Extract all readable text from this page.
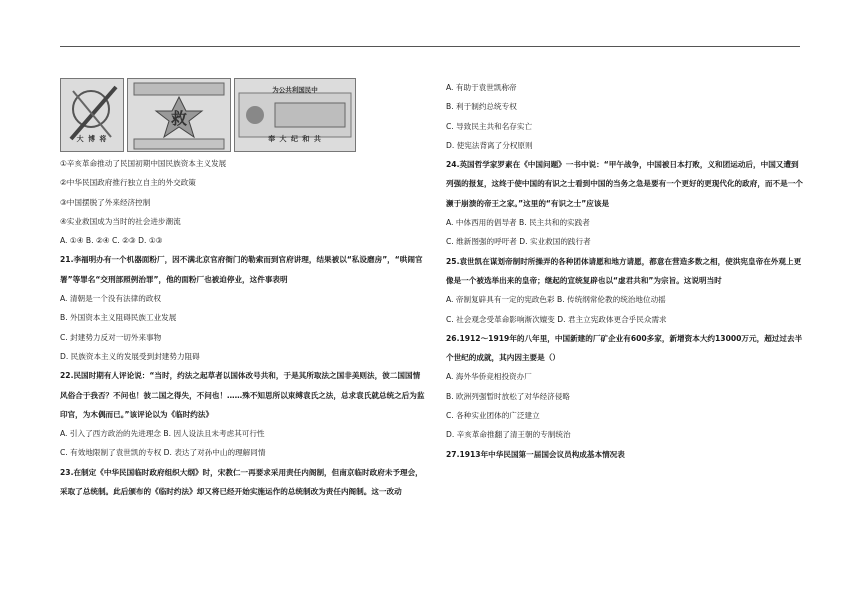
大 博 将
救
为公共利国民中
奉 大 纪 和 共

①辛亥革命推动了民国初期中国民族资本主义发展

②中华民国政府推行独立自主的外交政策

③中国摆脱了外来经济控制

④实业救国成为当时的社会进步潮流

A. ①④ B. ②④ C. ②③ D. ①③

21.李福明办有一个机器面粉厂，因不满北京官府衙门的勒索而到官府讲理，结果被以“私设磨房”，“哄闹官署”等罪名“交刑部照例治罪”，他的面粉厂也被迫停业，这件事表明

A. 清朝是一个没有法律的政权

B. 外国资本主义阻碍民族工业发展

C. 封建势力反对一切外来事物

D. 民族资本主义的发展受到封建势力阻碍

22.民国时期有人评论说：“当时，约法之起草者以国体改号共和，于是其所取法之国非美则法，彼二国国情风俗合于我否？不问也！彼二国之得失，不问也！……殊不知思所以束缚袁氏之法，总求袁氏就总统之后为监印官，为木偶而已。”该评论以为《临时约法》

A. 引入了西方政治的先进理念 B. 因人设法且未考虑其可行性

C. 有效地限制了袁世凯的专权 D. 表达了对孙中山的理解同情

23.在制定《中华民国临时政府组织大纲》时，宋教仁一再要求采用责任内阁制，但南京临时政府未予理会，采取了总统制。此后颁布的《临时约法》却又将已经开始实施运作的总统制改为责任内阁制。这一改动

A. 有助于袁世凯称帝

B. 利于制约总统专权

C. 导致民主共和名存实亡

D. 使宪法背离了分权原则

24.英国哲学家罗素在《中国问题》一书中说：“甲午战争，中国被日本打败，义和团运动后，中国又遭到列强的报复，这终于使中国的有识之士看到中国的当务之急是要有一个更好的更现代化的政府，而不是一个濒于崩溃的帝王之家。”这里的“有识之士”应该是

A. 中体西用的倡导者 B. 民主共和的实践者

C. 维新图强的呼吁者 D. 实业救国的践行者

25.袁世凯在谋划帝制时所操弄的各种团体请愿和地方请愿，都意在营造多数之相，使洪宪皇帝在外观上更像是一个被选举出来的皇帝；继起的宣统复辟也以“虚君共和”为宗旨。这说明当时

A. 帝制复辟具有一定的宪政色彩 B. 传统纲常伦教的统治地位动摇

C. 社会观念受革命影响渐次嬗变 D. 君主立宪政体更合乎民众需求

26.1912～1919年的八年里，中国新建的厂矿企业有600多家，新增资本大约13000万元，超过过去半个世纪的成就，其内因主要是（）

A. 海外华侨竞相投资办厂

B. 欧洲列强暂时放松了对华经济侵略

C. 各种实业团体的广泛建立

D. 辛亥革命推翻了清王朝的专制统治

27.1913年中华民国第一届国会议员构成基本情况表
